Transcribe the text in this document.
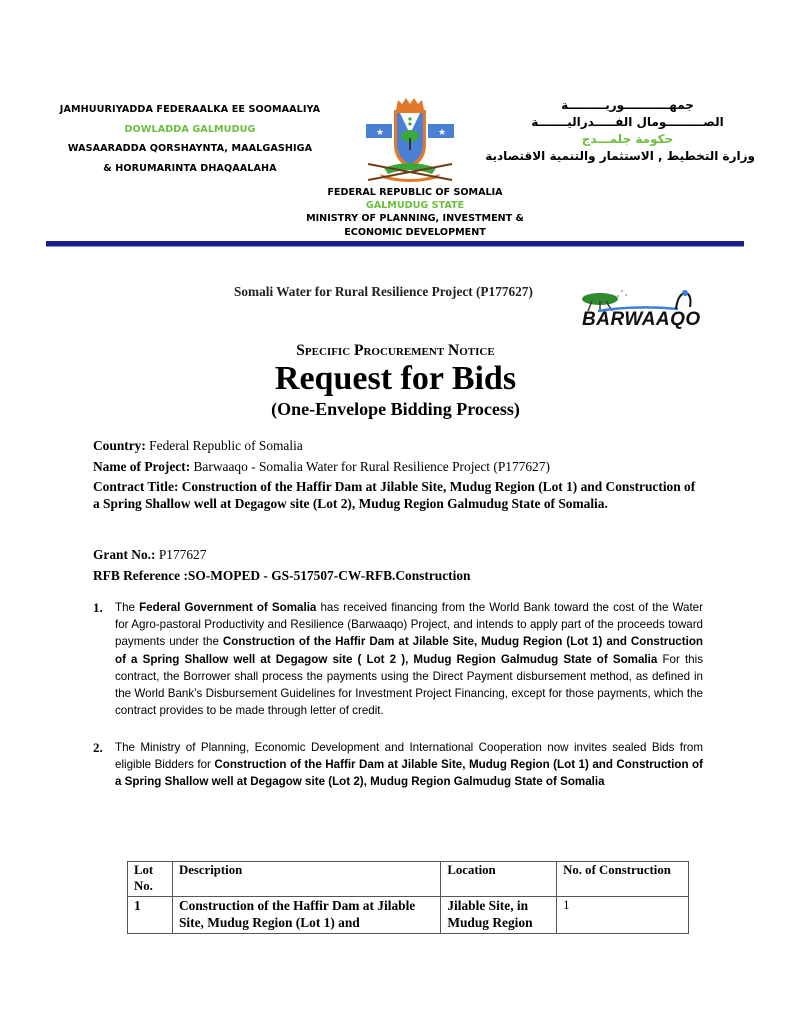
JAMHUURIYADDA FEDERAALKA EE SOOMAALIYA
DOWLADDA GALMUDUG
WASAARADDA QORSHAYNTA, MAALGASHIGA
& HORUMARINTA DHAQAALAHA
★	★
جمهـــــــــــوريـــــــــة
الصـــــــــومال الفـــــدراليـــــــة
حكومة جلمـــدج
وزارة التخطيط , الاستثمار والتنمية الاقتصادية
FEDERAL REPUBLIC OF SOMALIA
GALMUDUG STATE
MINISTRY OF PLANNING, INVESTMENT &
ECONOMIC DEVELOPMENT
Somali Water for Rural Resilience Project (P177627)
BARWAAQO
Specific Procurement Notice
Request for Bids
(One-Envelope Bidding Process)
Country: Federal Republic of Somalia
Name of Project: Barwaaqo - Somalia Water for Rural Resilience Project (P177627)
Contract Title: Construction of the Haffir Dam at Jilable Site, Mudug Region (Lot 1) and Construction of a Spring Shallow well at Degagow site (Lot 2), Mudug Region Galmudug State of Somalia.
Grant No.: P177627
RFB Reference :SO-MOPED - GS-517507-CW-RFB.Construction
1. The Federal Government of Somalia has received financing from the World Bank toward the cost of the Water for Agro-pastoral Productivity and Resilience (Barwaaqo) Project, and intends to apply part of the proceeds toward payments under the Construction of the Haffir Dam at Jilable Site, Mudug Region (Lot 1) and Construction of a Spring Shallow well at Degagow site ( Lot 2 ), Mudug Region Galmudug State of Somalia For this contract, the Borrower shall process the payments using the Direct Payment disbursement method, as defined in the World Bank’s Disbursement Guidelines for Investment Project Financing, except for those payments, which the contract provides to be made through letter of credit.
2. The Ministry of Planning, Economic Development and International Cooperation now invites sealed Bids from eligible Bidders for Construction of the Haffir Dam at Jilable Site, Mudug Region (Lot 1) and Construction of a Spring Shallow well at Degagow site (Lot 2), Mudug Region Galmudug State of Somalia
Lot No.	Description	Location	No. of Construction
1	Construction of the Haffir Dam at Jilable Site, Mudug Region (Lot 1) and	Jilable Site, in Mudug Region	1
